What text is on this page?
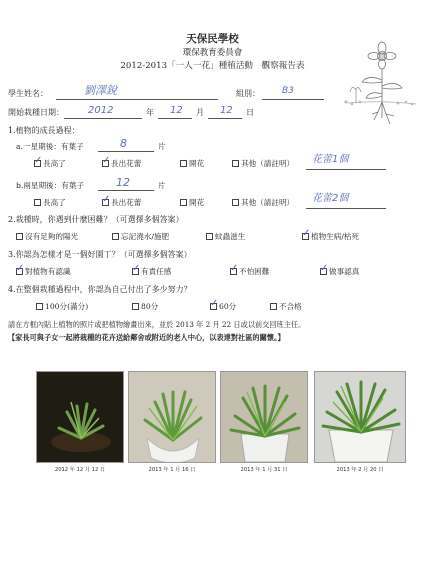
天保民學校
環保教育委員會
2012-2013「一人一花」種植活動　觀察報告表
學生姓名：	劉澤銳	組別： B3
開始栽種日期： 2012	年 12 月 12 日
1.植物的成長過程：
a.一星期後：有葉子	8	片
✓長高了 ✓	長出花蕾	開花	其他（請註明） 花蕾1個
b.兩星期後：有葉子	12	片
長高了 ✓	長出花蕾	開花	其他（請註明） 花蕾2個
2.栽種時，你遇到什麼困難？（可選擇多個答案）
沒有足夠的陽光	忘記澆水/施肥	蚊蟲滋生 ✓	植物生病/枯死
3.你認為怎樣才是一個好園丁？（可選擇多個答案）
✓對植物有認識 ✓	有責任感 ✓	不怕困難 ✓	做事認真
4.在整個栽種過程中，你認為自己付出了多少努力？
100分(滿分)	80分 ✓	60分	不合格
請在方框內貼上植物的照片或把植物繪畫出來，並於 2013 年 2 月 22 日或以前交回班主任。
【家長可與子女一起將栽種的花卉送給鄰舍或附近的老人中心，以表達對社區的關懷。】
2012 年 12 月 12 日	2013 年 1 月 16 日	2013 年 1 月 31 日	2013 年 2 月 20 日
